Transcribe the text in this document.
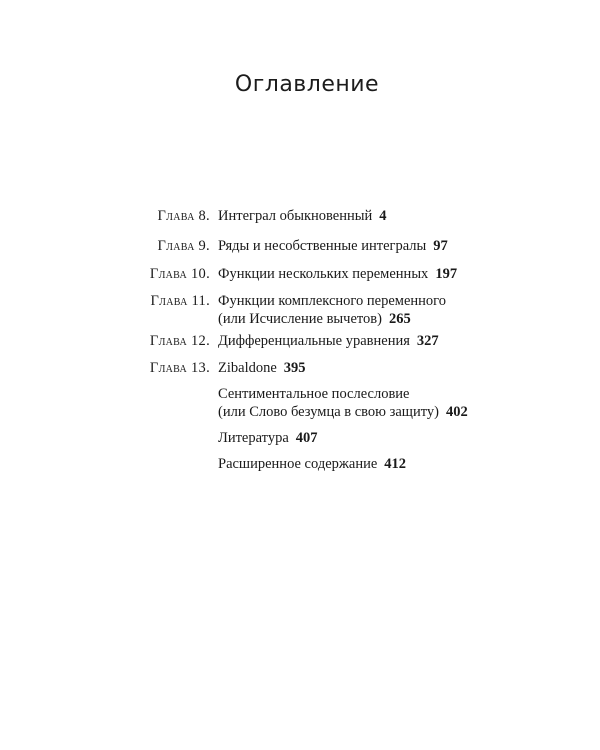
Оглавление
Глава 8. Интеграл обыкновенный 4
Глава 9. Ряды и несобственные интегралы 97
Глава 10. Функции нескольких переменных 197
Глава 11. Функции комплексного переменного
(или Исчисление вычетов) 265
Глава 12. Дифференциальные уравнения 327
Глава 13. Zibaldone 395
Сентиментальное послесловие
(или Слово безумца в свою защиту) 402
Литература 407
Расширенное содержание 412
